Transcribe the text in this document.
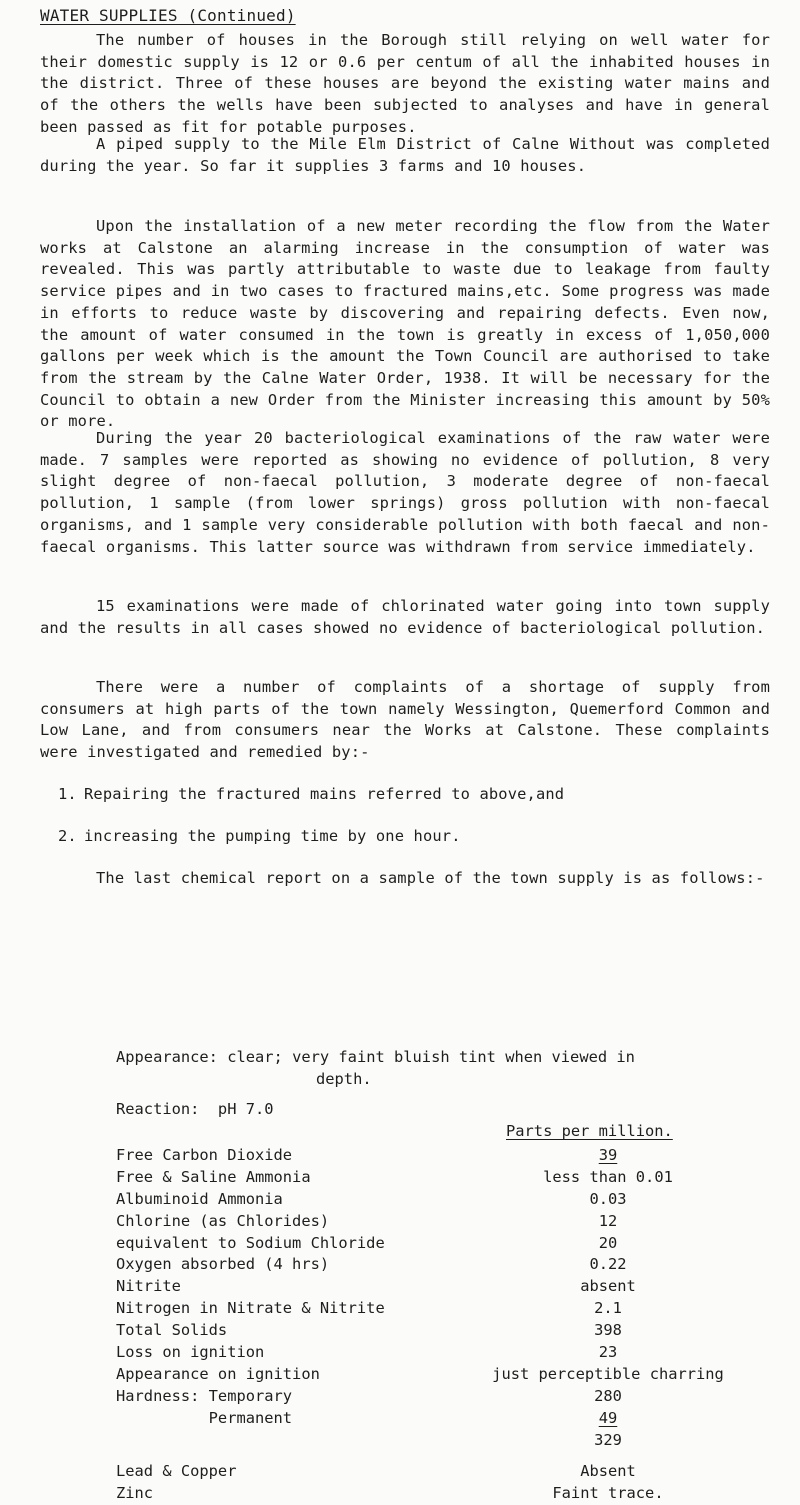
WATER SUPPLIES (Continued)

The number of houses in the Borough still relying on well water for their domestic supply is 12 or 0.6 per centum of all the inhabited houses in the district. Three of these houses are beyond the existing water mains and of the others the wells have been subjected to analyses and have in general been passed as fit for potable purposes.

A piped supply to the Mile Elm District of Calne Without was completed during the year. So far it supplies 3 farms and 10 houses.

Upon the installation of a new meter recording the flow from the Water works at Calstone an alarming increase in the consumption of water was revealed. This was partly attributable to waste due to leakage from faulty service pipes and in two cases to fractured mains,etc. Some progress was made in efforts to reduce waste by discovering and repairing defects. Even now, the amount of water consumed in the town is greatly in excess of 1,050,000 gallons per week which is the amount the Town Council are authorised to take from the stream by the Calne Water Order, 1938. It will be necessary for the Council to obtain a new Order from the Minister increasing this amount by 50% or more.

During the year 20 bacteriological examinations of the raw water were made. 7 samples were reported as showing no evidence of pollution, 8 very slight degree of non-faecal pollution, 3 moderate degree of non-faecal pollution, 1 sample (from lower springs) gross pollution with non-faecal organisms, and 1 sample very considerable pollution with both faecal and non-faecal organisms. This latter source was withdrawn from service immediately.

15 examinations were made of chlorinated water going into town supply and the results in all cases showed no evidence of bacteriological pollution.

There were a number of complaints of a shortage of supply from consumers at high parts of the town namely Wessington, Quemerford Common and Low Lane, and from consumers near the Works at Calstone. These complaints were investigated and remedied by:-

1. Repairing the fractured mains referred to above,and

2. increasing the pumping time by one hour.

The last chemical report on a sample of the town supply is as follows:-

Appearance: clear; very faint bluish tint when viewed in
depth.
Reaction:  pH 7.0
Parts per million.
Free Carbon Dioxide	39
Free & Saline Ammonia	less than 0.01
Albuminoid Ammonia	0.03
Chlorine (as Chlorides)	12
equivalent to Sodium Chloride	20
Oxygen absorbed (4 hrs)	0.22
Nitrite	absent
Nitrogen in Nitrate & Nitrite	2.1
Total Solids	398
Loss on ignition	23
Appearance on ignition	just perceptible charring
Hardness: Temporary	280
Permanent	49
329
Lead & Copper	Absent
Zinc	Faint trace.
